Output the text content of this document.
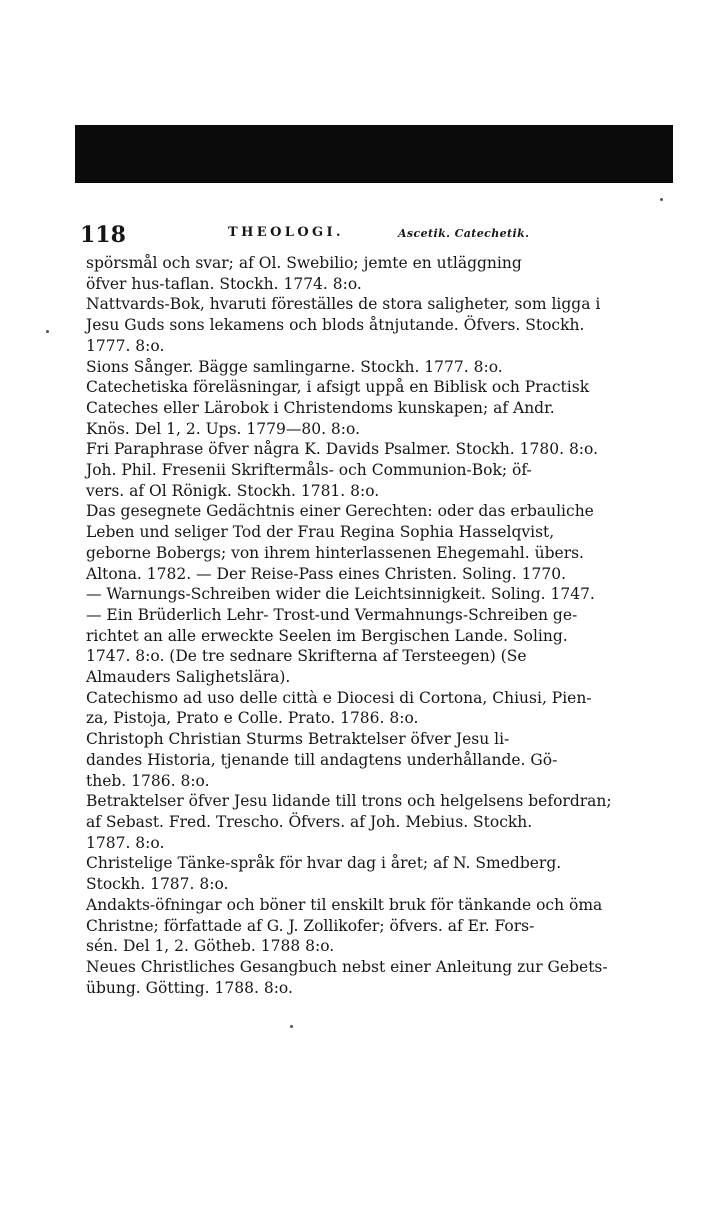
118	THEOLOGI.	Ascetik. Catechetik.
spörsmål och svar; af Ol. Swebilio; jemte en utläggning
öfver hus-taflan. Stockh. 1774. 8:o.
Nattvards-Bok, hvaruti föreställes de stora saligheter, som ligga i
Jesu Guds sons lekamens och blods åtnjutande. Öfvers. Stockh.
1777. 8:o.
Sions Sånger. Bägge samlingarne. Stockh. 1777. 8:o.
Catechetiska föreläsningar, i afsigt uppå en Biblisk och Practisk
Cateches eller Lärobok i Christendoms kunskapen; af Andr.
Knös. Del 1, 2. Ups. 1779—80. 8:o.
Fri Paraphrase öfver några K. Davids Psalmer. Stockh. 1780. 8:o.
Joh. Phil. Fresenii Skriftermåls- och Communion-Bok; öf-
vers. af Ol Rönigk. Stockh. 1781. 8:o.
Das gesegnete Gedächtnis einer Gerechten: oder das erbauliche
Leben und seliger Tod der Frau Regina Sophia Hasselqvist,
geborne Bobergs; von ihrem hinterlassenen Ehegemahl. übers.
Altona. 1782. — Der Reise-Pass eines Christen. Soling. 1770.
— Warnungs-Schreiben wider die Leichtsinnigkeit. Soling. 1747.
— Ein Brüderlich Lehr- Trost-und Vermahnungs-Schreiben ge-
richtet an alle erweckte Seelen im Bergischen Lande. Soling.
1747. 8:o. (De tre sednare Skrifterna af Tersteegen) (Se
Almauders Salighetslära).
Catechismo ad uso delle città e Diocesi di Cortona, Chiusi, Pien-
za, Pistoja, Prato e Colle. Prato. 1786. 8:o.
Christoph Christian Sturms Betraktelser öfver Jesu li-
dandes Historia, tjenande till andagtens underhållande. Gö-
theb. 1786. 8:o.
Betraktelser öfver Jesu lidande till trons och helgelsens befordran;
af Sebast. Fred. Trescho. Öfvers. af Joh. Mebius. Stockh.
1787. 8:o.
Christelige Tänke-språk för hvar dag i året; af N. Smedberg.
Stockh. 1787. 8:o.
Andakts-öfningar och böner til enskilt bruk för tänkande och öma
Christne; författade af G. J. Zollikofer; öfvers. af Er. Fors-
sén. Del 1, 2. Götheb. 1788 8:o.
Neues Christliches Gesangbuch nebst einer Anleitung zur Gebets-
übung. Götting. 1788. 8:o.
